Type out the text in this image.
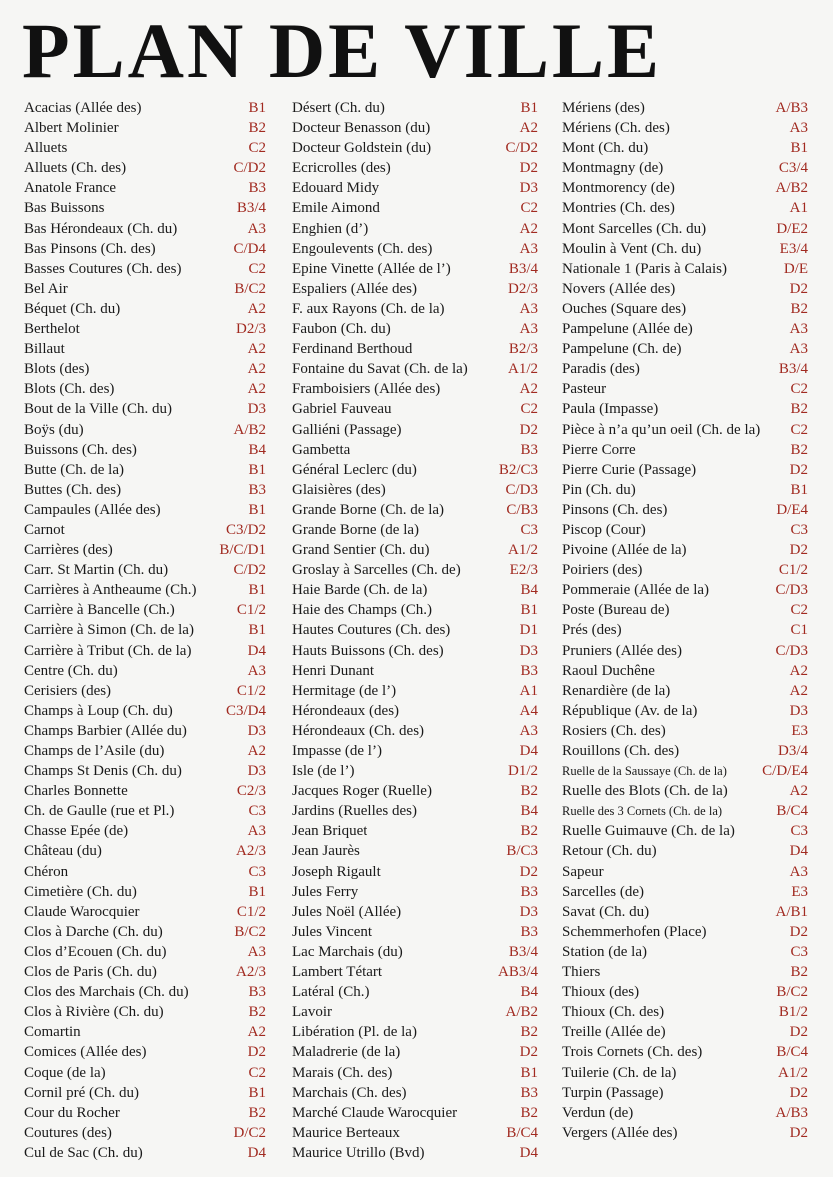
PLAN DE VILLE
Acacias (Allée des)	B1
Albert Molinier	B2
Alluets	C2
Alluets (Ch. des)	C/D2
Anatole France	B3
Bas Buissons	B3/4
Bas Hérondeaux (Ch. du)	A3
Bas Pinsons (Ch. des)	C/D4
Basses Coutures (Ch. des)	C2
Bel Air	B/C2
Béquet (Ch. du)	A2
Berthelot	D2/3
Billaut	A2
Blots (des)	A2
Blots (Ch. des)	A2
Bout de la Ville (Ch. du)	D3
Boÿs (du)	A/B2
Buissons (Ch. des)	B4
Butte (Ch. de la)	B1
Buttes (Ch. des)	B3
Campaules (Allée des)	B1
Carnot	C3/D2
Carrières (des)	B/C/D1
Carr. St Martin (Ch. du)	C/D2
Carrières à Antheaume (Ch.)	B1
Carrière à Bancelle (Ch.)	C1/2
Carrière à Simon (Ch. de la)	B1
Carrière à Tribut (Ch. de la)	D4
Centre (Ch. du)	A3
Cerisiers (des)	C1/2
Champs à Loup (Ch. du)	C3/D4
Champs Barbier (Allée du)	D3
Champs de l’Asile (du)	A2
Champs St Denis (Ch. du)	D3
Charles Bonnette	C2/3
Ch. de Gaulle (rue et Pl.)	C3
Chasse Epée (de)	A3
Château (du)	A2/3
Chéron	C3
Cimetière (Ch. du)	B1
Claude Warocquier	C1/2
Clos à Darche (Ch. du)	B/C2
Clos d’Ecouen (Ch. du)	A3
Clos de Paris (Ch. du)	A2/3
Clos des Marchais (Ch. du)	B3
Clos à Rivière (Ch. du)	B2
Comartin	A2
Comices (Allée des)	D2
Coque (de la)	C2
Cornil pré (Ch. du)	B1
Cour du Rocher	B2
Coutures (des)	D/C2
Cul de Sac (Ch. du)	D4
Désert (Ch. du)	B1
Docteur Benasson (du)	A2
Docteur Goldstein (du)	C/D2
Ecricrolles (des)	D2
Edouard Midy	D3
Emile Aimond	C2
Enghien (d’)	A2
Engoulevents (Ch. des)	A3
Epine Vinette (Allée de l’)	B3/4
Espaliers (Allée des)	D2/3
F. aux Rayons (Ch. de la)	A3
Faubon (Ch. du)	A3
Ferdinand Berthoud	B2/3
Fontaine du Savat (Ch. de la)	A1/2
Framboisiers (Allée des)	A2
Gabriel Fauveau	C2
Galliéni (Passage)	D2
Gambetta	B3
Général Leclerc (du)	B2/C3
Glaisières (des)	C/D3
Grande Borne (Ch. de la)	C/B3
Grande Borne (de la)	C3
Grand Sentier (Ch. du)	A1/2
Groslay à Sarcelles (Ch. de)	E2/3
Haie Barde (Ch. de la)	B4
Haie des Champs (Ch.)	B1
Hautes Coutures (Ch. des)	D1
Hauts Buissons (Ch. des)	D3
Henri Dunant	B3
Hermitage (de l’)	A1
Hérondeaux (des)	A4
Hérondeaux (Ch. des)	A3
Impasse (de l’)	D4
Isle (de l’)	D1/2
Jacques Roger (Ruelle)	B2
Jardins (Ruelles des)	B4
Jean Briquet	B2
Jean Jaurès	B/C3
Joseph Rigault	D2
Jules Ferry	B3
Jules Noël (Allée)	D3
Jules Vincent	B3
Lac Marchais (du)	B3/4
Lambert Tétart	AB3/4
Latéral (Ch.)	B4
Lavoir	A/B2
Libération (Pl. de la)	B2
Maladrerie (de la)	D2
Marais (Ch. des)	B1
Marchais (Ch. des)	B3
Marché Claude Warocquier	B2
Maurice Berteaux	B/C4
Maurice Utrillo (Bvd)	D4
Mériens (des)	A/B3
Mériens (Ch. des)	A3
Mont (Ch. du)	B1
Montmagny (de)	C3/4
Montmorency (de)	A/B2
Montries (Ch. des)	A1
Mont Sarcelles (Ch. du)	D/E2
Moulin à Vent (Ch. du)	E3/4
Nationale 1 (Paris à Calais)	D/E
Novers (Allée des)	D2
Ouches (Square des)	B2
Pampelune (Allée de)	A3
Pampelune (Ch. de)	A3
Paradis (des)	B3/4
Pasteur	C2
Paula (Impasse)	B2
Pièce à n’a qu’un oeil (Ch. de la) C2
Pierre Corre	B2
Pierre Curie (Passage)	D2
Pin (Ch. du)	B1
Pinsons (Ch. des)	D/E4
Piscop (Cour)	C3
Pivoine (Allée de la)	D2
Poiriers (des)	C1/2
Pommeraie (Allée de la)	C/D3
Poste (Bureau de)	C2
Prés (des)	C1
Pruniers (Allée des)	C/D3
Raoul Duchêne	A2
Renardière (de la)	A2
République (Av. de la)	D3
Rosiers (Ch. des)	E3
Rouillons (Ch. des)	D3/4
Ruelle de la Saussaye (Ch. de la) C/D/E4
Ruelle des Blots (Ch. de la)	A2
Ruelle des 3 Cornets (Ch. de la)	B/C4
Ruelle Guimauve (Ch. de la)	C3
Retour (Ch. du)	D4
Sapeur	A3
Sarcelles (de)	E3
Savat (Ch. du)	A/B1
Schemmerhofen (Place)	D2
Station (de la)	C3
Thiers	B2
Thioux (des)	B/C2
Thioux (Ch. des)	B1/2
Treille (Allée de)	D2
Trois Cornets (Ch. des)	B/C4
Tuilerie (Ch. de la)	A1/2
Turpin (Passage)	D2
Verdun (de)	A/B3
Vergers (Allée des)	D2
